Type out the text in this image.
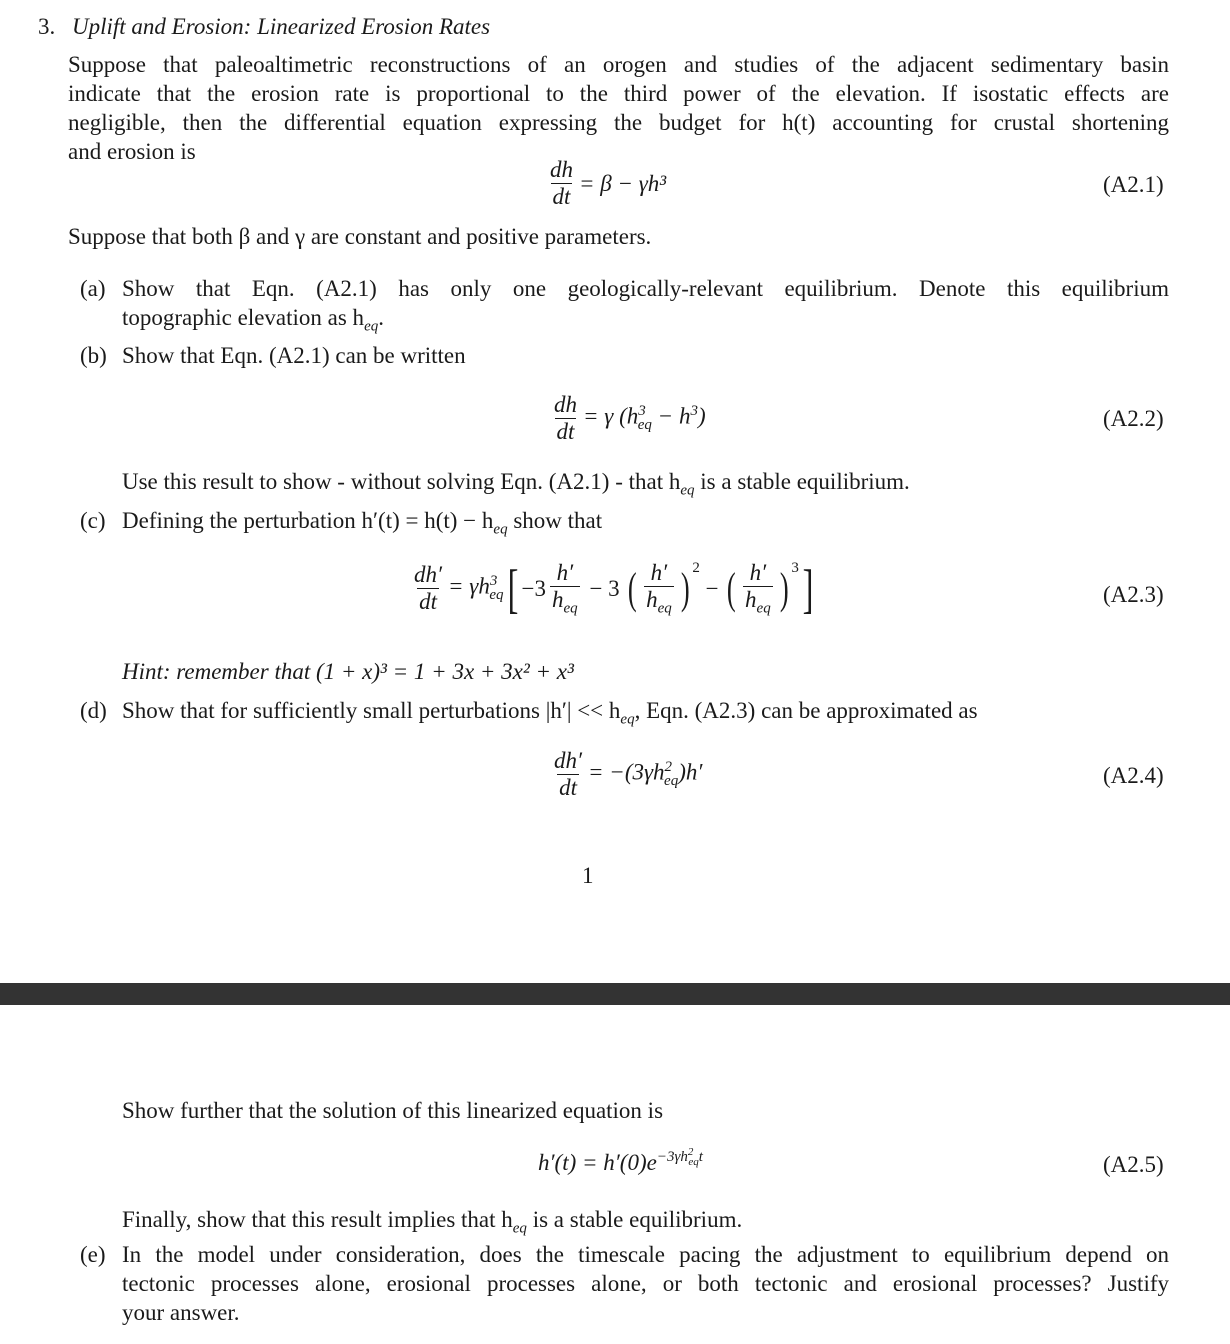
3. Uplift and Erosion: Linearized Erosion Rates
Suppose that paleoaltimetric reconstructions of an orogen and studies of the adjacent sedimentary basin
indicate that the erosion rate is proportional to the third power of the elevation. If isostatic effects are
negligible, then the differential equation expressing the budget for h(t) accounting for crustal shortening
and erosion is
$\frac{dh}{dt} = \beta - \gamma h^3$	(A2.1)
Suppose that both β and γ are constant and positive parameters.
(a) Show that Eqn. (A2.1) has only one geologically-relevant equilibrium. Denote this equilibrium
topographic elevation as $h_{eq}$.
(b) Show that Eqn. (A2.1) can be written
$\frac{dh}{dt} = \gamma$ $(h^3_{eq} - h^3)$	(A2.2)
Use this result to show - without solving Eqn. (A2.1) - that $h_{eq}$ is a stable equilibrium.
(c) Defining the perturbation $h'(t) = h(t) - h_{eq}$ show that
$\frac{dh'}{dt} = \gamma h^3_{eq}$ [ $-3 \frac{h'}{h_{eq}} - 3$ ( $\frac{h'}{h_{eq}} )^2$
− ( $\frac{h'}{h_{eq}} )^3$ ]	(A2.3)
Hint: remember that (1 + x)³ = 1 + 3x + 3x² + x³
(d) Show that for sufficiently small perturbations $|h'| << h_{eq}$, Eqn. (A2.3) can be approximated as
$\frac{dh'}{dt} = -(3\gamma h^2_{eq})h'$	(A2.4)
1
Show further that the solution of this linearized equation is
$h'(t) = h'(0)e^{-3\gamma h^2_{eq}t}$	(A2.5)
Finally, show that this result implies that $h_{eq}$ is a stable equilibrium.
(e) In the model under consideration, does the timescale pacing the adjustment to equilibrium depend on
tectonic processes alone, erosional processes alone, or both tectonic and erosional processes? Justify
your answer.
